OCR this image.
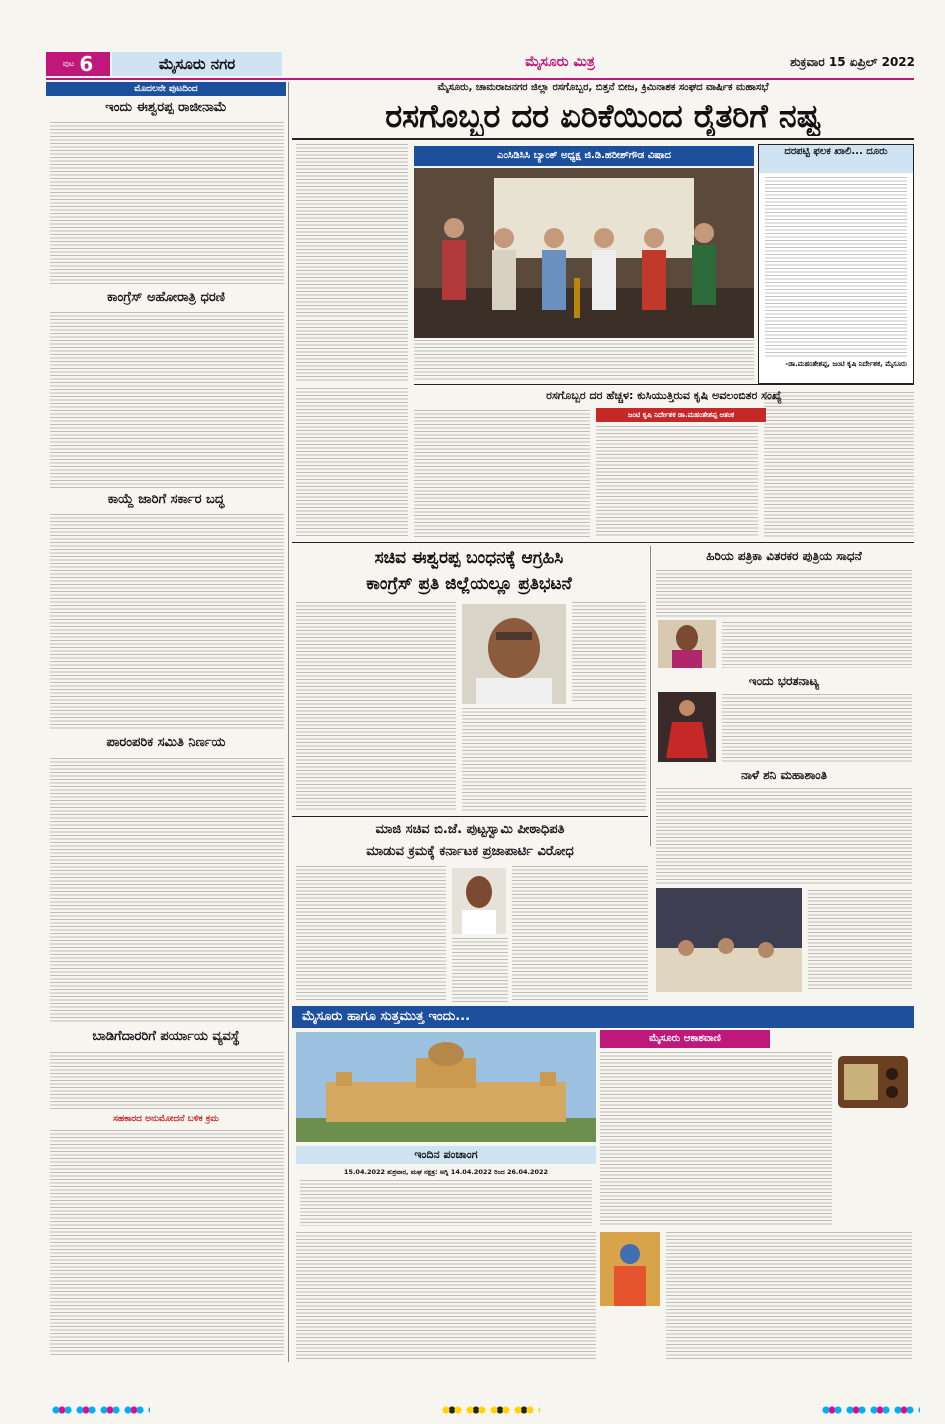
ಪುಟ 6	ಮೈಸೂರು ನಗರ	ಮೈಸೂರು ಮಿತ್ರ	ಶುಕ್ರವಾರ 15 ಏಪ್ರಿಲ್ 2022
ಮೊದಲನೇ ಪುಟದಿಂದ
ಇಂದು ಈಶ್ವರಪ್ಪ ರಾಜೀನಾಮೆ
ಕಾಂಗ್ರೆಸ್ ಅಹೋರಾತ್ರಿ ಧರಣಿ
ಕಾಯ್ದೆ ಜಾರಿಗೆ ಸರ್ಕಾರ ಬದ್ಧ
ಪಾರಂಪರಿಕ ಸಮಿತಿ ನಿರ್ಣಯ
ಬಾಡಿಗೆದಾರರಿಗೆ ಪರ್ಯಾಯ ವ್ಯವಸ್ಥೆ
ಸಹಕಾರದ ಅನುಮೋದನೆ ಬಳಿಕ ಕ್ರಮ
ಮೈಸೂರು, ಚಾಮರಾಜನಗರ ಜಿಲ್ಲಾ ರಸಗೊಬ್ಬರ, ಬಿತ್ತನೆ ಬೀಜ, ಕ್ರಿಮಿನಾಶಕ ಸಂಘದ ವಾರ್ಷಿಕ ಮಹಾಸಭೆ
ರಸಗೊಬ್ಬರ ದರ ಏರಿಕೆಯಿಂದ ರೈತರಿಗೆ ನಷ್ಟ
ಎಂಸಿಡಿಸಿಸಿ ಬ್ಯಾಂಕ್ ಅಧ್ಯಕ್ಷ ಜಿ.ಡಿ.ಹರೀಶ್‌ಗೌಡ ವಿಷಾದ	ದರಪಟ್ಟಿ ಫಲಕ ಖಾಲಿ... ದೂರು
-ಡಾ.ಮಹಂತೇಶಪ್ಪ, ಜಂಟಿ ಕೃಷಿ ನಿರ್ದೇಶಕ, ಮೈಸೂರು
ರಸಗೊಬ್ಬರ ದರ ಹೆಚ್ಚಳ: ಕುಸಿಯುತ್ತಿರುವ ಕೃಷಿ ಅವಲಂಬಿತರ ಸಂಖ್ಯೆ
ಜಂಟಿ ಕೃಷಿ ನಿರ್ದೇಶಕ ಡಾ.ಮಹಂತೇಶಪ್ಪ ಆತಂಕ
ಸಚಿವ ಈಶ್ವರಪ್ಪ ಬಂಧನಕ್ಕೆ ಆಗ್ರಹಿಸಿ
ಕಾಂಗ್ರೆಸ್ ಪ್ರತಿ ಜಿಲ್ಲೆಯಲ್ಲೂ ಪ್ರತಿಭಟನೆ
ಹಿರಿಯ ಪತ್ರಿಕಾ ವಿತರಕರ ಪುತ್ರಿಯ ಸಾಧನೆ
ಇಂದು ಭರತನಾಟ್ಯ
ನಾಳೆ ಶನಿ ಮಹಾಶಾಂತಿ
ಮಾಜಿ ಸಚಿವ ಬಿ.ಜೆ. ಪುಟ್ಟಸ್ವಾಮಿ ಪೀಠಾಧಿಪತಿ
ಮಾಡುವ ಕ್ರಮಕ್ಕೆ ಕರ್ನಾಟಕ ಪ್ರಜಾಪಾರ್ಟಿ ವಿರೋಧ
ಮೈಸೂರು ಹಾಗೂ ಸುತ್ತಮುತ್ತ ಇಂದು...
ಇಂದಿನ ಪಂಚಾಂಗ
15.04.2022 ಶುಕ್ರವಾರ, ಮಘ ನಕ್ಷತ್ರ: ಅಗ್ನಿ 14.04.2022 ರಿಂದ 26.04.2022
ಮೈಸೂರು ಆಕಾಶವಾಣಿ
